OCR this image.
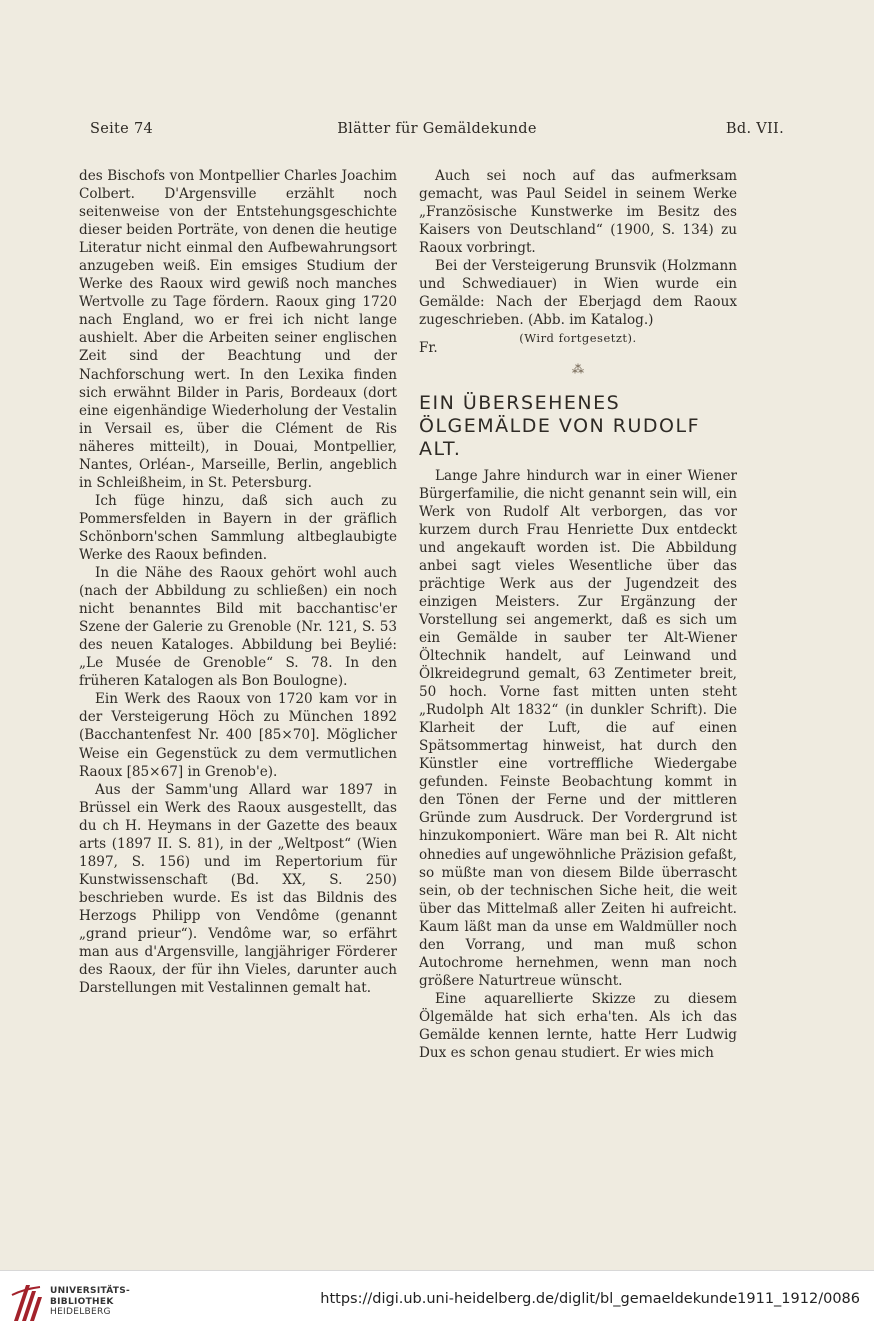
Seite 74	Blätter für Gemäldekunde	Bd. VII.

des Bischofs von Montpellier Charles Joachim Colbert. D'Argensville erzählt noch seitenweise von der Entstehungsgeschichte dieser beiden Porträte, von denen die heutige Literatur nicht einmal den Aufbewahrungsort anzugeben weiß. Ein emsiges Studium der Werke des Raoux wird gewiß noch manches Wertvolle zu Tage fördern. Raoux ging 1720 nach England, wo er frei ich nicht lange aushielt. Aber die Arbeiten seiner englischen Zeit sind der Beachtung und der Nachforschung wert. In den Lexika finden sich erwähnt Bilder in Paris, Bordeaux (dort eine eigenhändige Wiederholung der Vestalin in Versail es, über die Clément de Ris näheres mitteilt), in Douai, Montpellier, Nantes, Orléan-, Marseille, Berlin, angeblich in Schleißheim, in St. Petersburg.

Ich füge hinzu, daß sich auch zu Pommersfelden in Bayern in der gräflich Schönborn'schen Sammlung altbeglaubigte Werke des Raoux befinden.

In die Nähe des Raoux gehört wohl auch (nach der Abbildung zu schließen) ein noch nicht benanntes Bild mit bacchantisc'er Szene der Galerie zu Grenoble (Nr. 121, S. 53 des neuen Kataloges. Abbildung bei Beylié: „Le Musée de Grenoble“ S. 78. In den früheren Katalogen als Bon Boulogne).

Ein Werk des Raoux von 1720 kam vor in der Versteigerung Höch zu München 1892 (Bacchantenfest Nr. 400 [85×70]. Möglicher Weise ein Gegenstück zu dem vermutlichen Raoux [85×67] in Grenob'e).

Aus der Samm'ung Allard war 1897 in Brüssel ein Werk des Raoux ausgestellt, das du ch H. Heymans in der Gazette des beaux arts (1897 II. S. 81), in der „Weltpost“ (Wien 1897, S. 156) und im Repertorium für Kunstwissenschaft (Bd. XX, S. 250) beschrieben wurde. Es ist das Bildnis des Herzogs Philipp von Vendôme (genannt „grand prieur“). Vendôme war, so erfährt man aus d'Argensville, langjähriger Förderer des Raoux, der für ihn Vieles, darunter auch Darstellungen mit Vestalinnen gemalt hat.

Auch sei noch auf das aufmerksam gemacht, was Paul Seidel in seinem Werke „Französische Kunstwerke im Besitz des Kaisers von Deutschland“ (1900, S. 134) zu Raoux vorbringt.

Bei der Versteigerung Brunsvik (Holzmann und Schwediauer) in Wien wurde ein Gemälde: Nach der Eberjagd dem Raoux zugeschrieben. (Abb. im Katalog.)

(Wird fortgesetzt).

Fr.

⁂

EIN ÜBERSEHENES ÖLGEMÄLDE VON RUDOLF ALT.

Lange Jahre hindurch war in einer Wiener Bürgerfamilie, die nicht genannt sein will, ein Werk von Rudolf Alt verborgen, das vor kurzem durch Frau Henriette Dux entdeckt und angekauft worden ist. Die Abbildung anbei sagt vieles Wesentliche über das prächtige Werk aus der Jugendzeit des einzigen Meisters. Zur Ergänzung der Vorstellung sei angemerkt, daß es sich um ein Gemälde in sauber ter Alt-Wiener Öltechnik handelt, auf Leinwand und Ölkreidegrund gemalt, 63 Zentimeter breit, 50 hoch. Vorne fast mitten unten steht „Rudolph Alt 1832“ (in dunkler Schrift). Die Klarheit der Luft, die auf einen Spätsommertag hinweist, hat durch den Künstler eine vortreffliche Wiedergabe gefunden. Feinste Beobachtung kommt in den Tönen der Ferne und der mittleren Gründe zum Ausdruck. Der Vordergrund ist hinzukomponiert. Wäre man bei R. Alt nicht ohnedies auf ungewöhnliche Präzision gefaßt, so müßte man von diesem Bilde überrascht sein, ob der technischen Siche heit, die weit über das Mittelmaß aller Zeiten hi aufreicht. Kaum läßt man da unse em Waldmüller noch den Vorrang, und man muß schon Autochrome hernehmen, wenn man noch größere Naturtreue wünscht.

Eine aquarellierte Skizze zu diesem Ölgemälde hat sich erha'ten. Als ich das Gemälde kennen lernte, hatte Herr Ludwig Dux es schon genau studiert. Er wies mich

UNIVERSITÄTS-
BIBLIOTHEK
HEIDELBERG
https://digi.ub.uni-heidelberg.de/diglit/bl_gemaeldekunde1911_1912/0086
